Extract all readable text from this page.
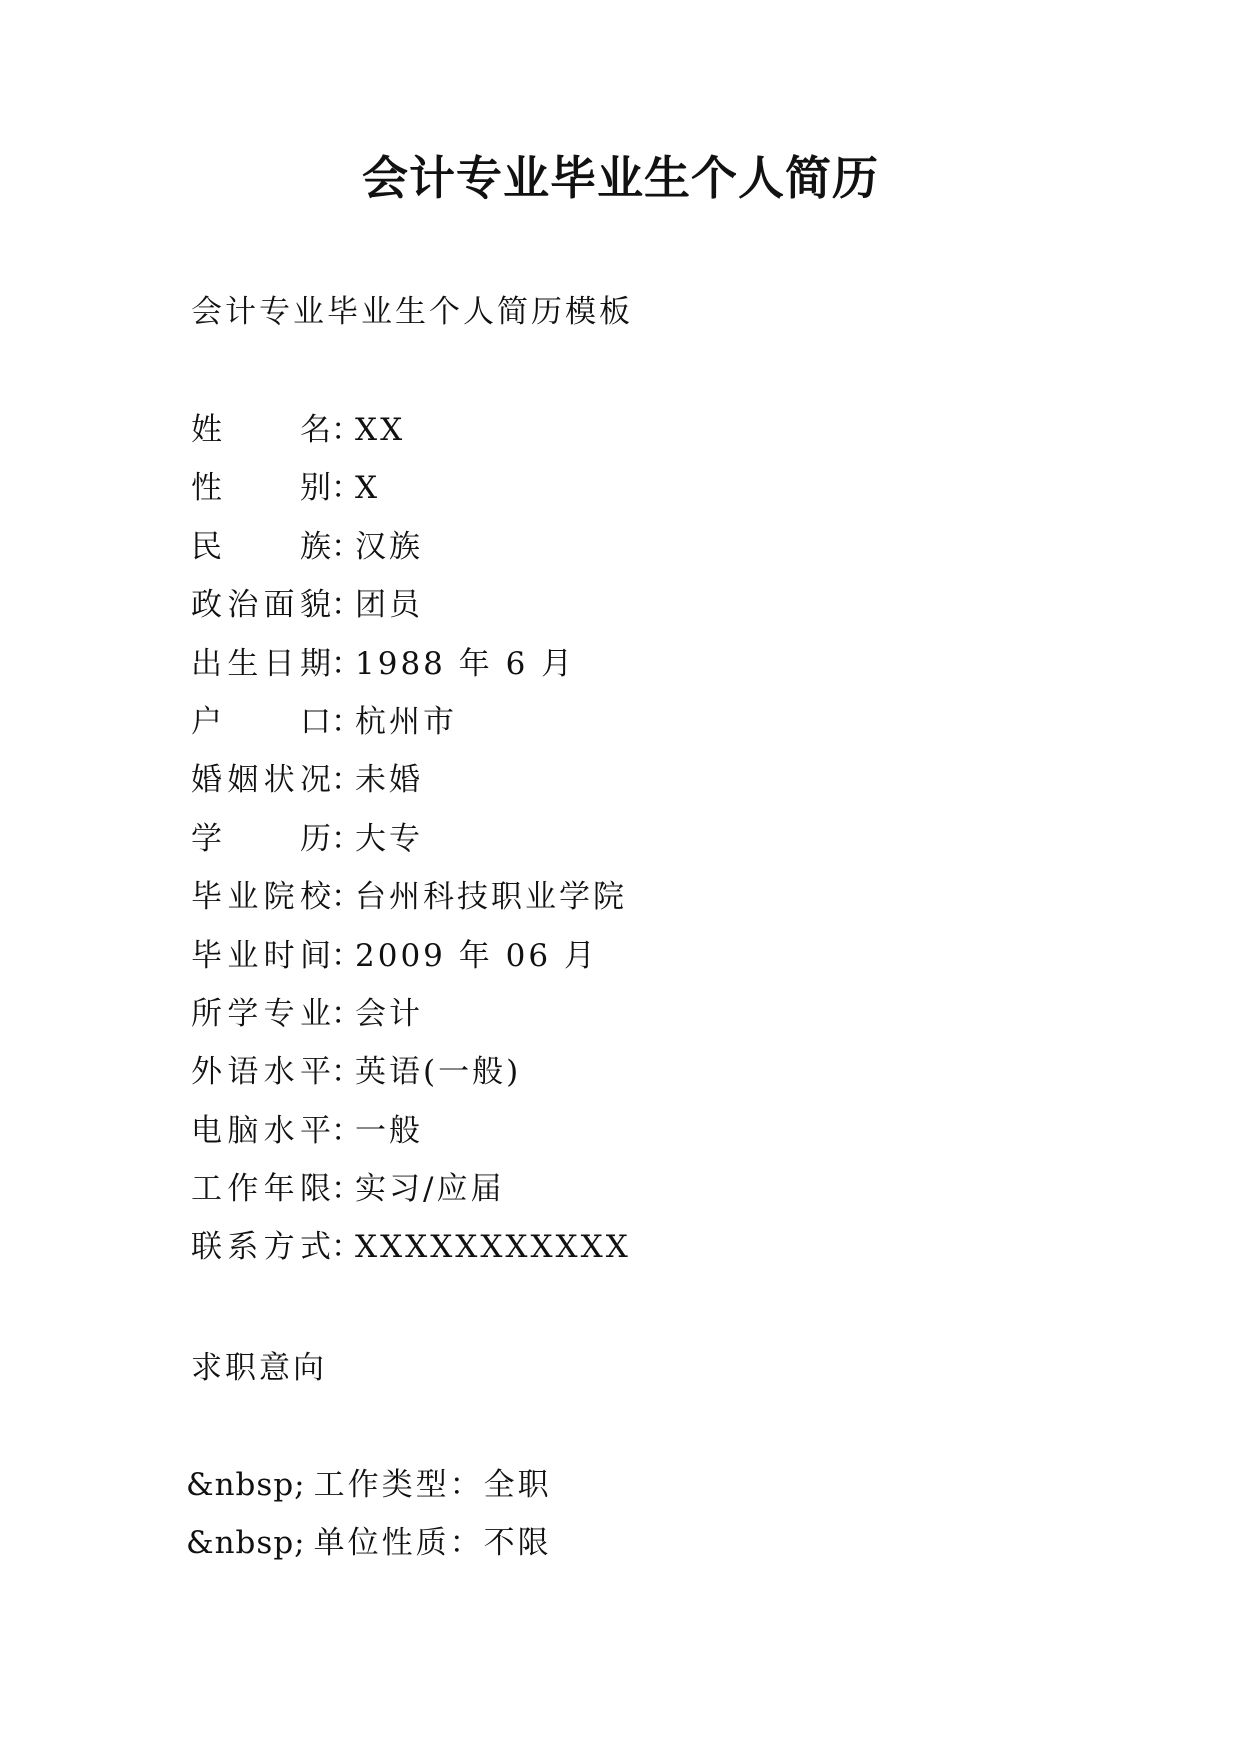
会计专业毕业生个人简历
会计专业毕业生个人简历模板
姓名 ：
XX
性别 ：
X
民族 ：
汉族
政治面貌 ：
团员
出生日期 ：
1988 年 6 月
户口 ：
杭州市
婚姻状况 ：
未婚
学历 ：
大专
毕业院校 ：
台州科技职业学院
毕业时间 ：
2009 年 06 月
所学专业 ：
会计
外语水平 ：
英语(一般)
电脑水平 ：
一般
工作年限 ：
实习/应届
联系方式 ：
XXXXXXXXXXX
求职意向
&nbsp; 工作类型：全职
&nbsp; 单位性质：不限
